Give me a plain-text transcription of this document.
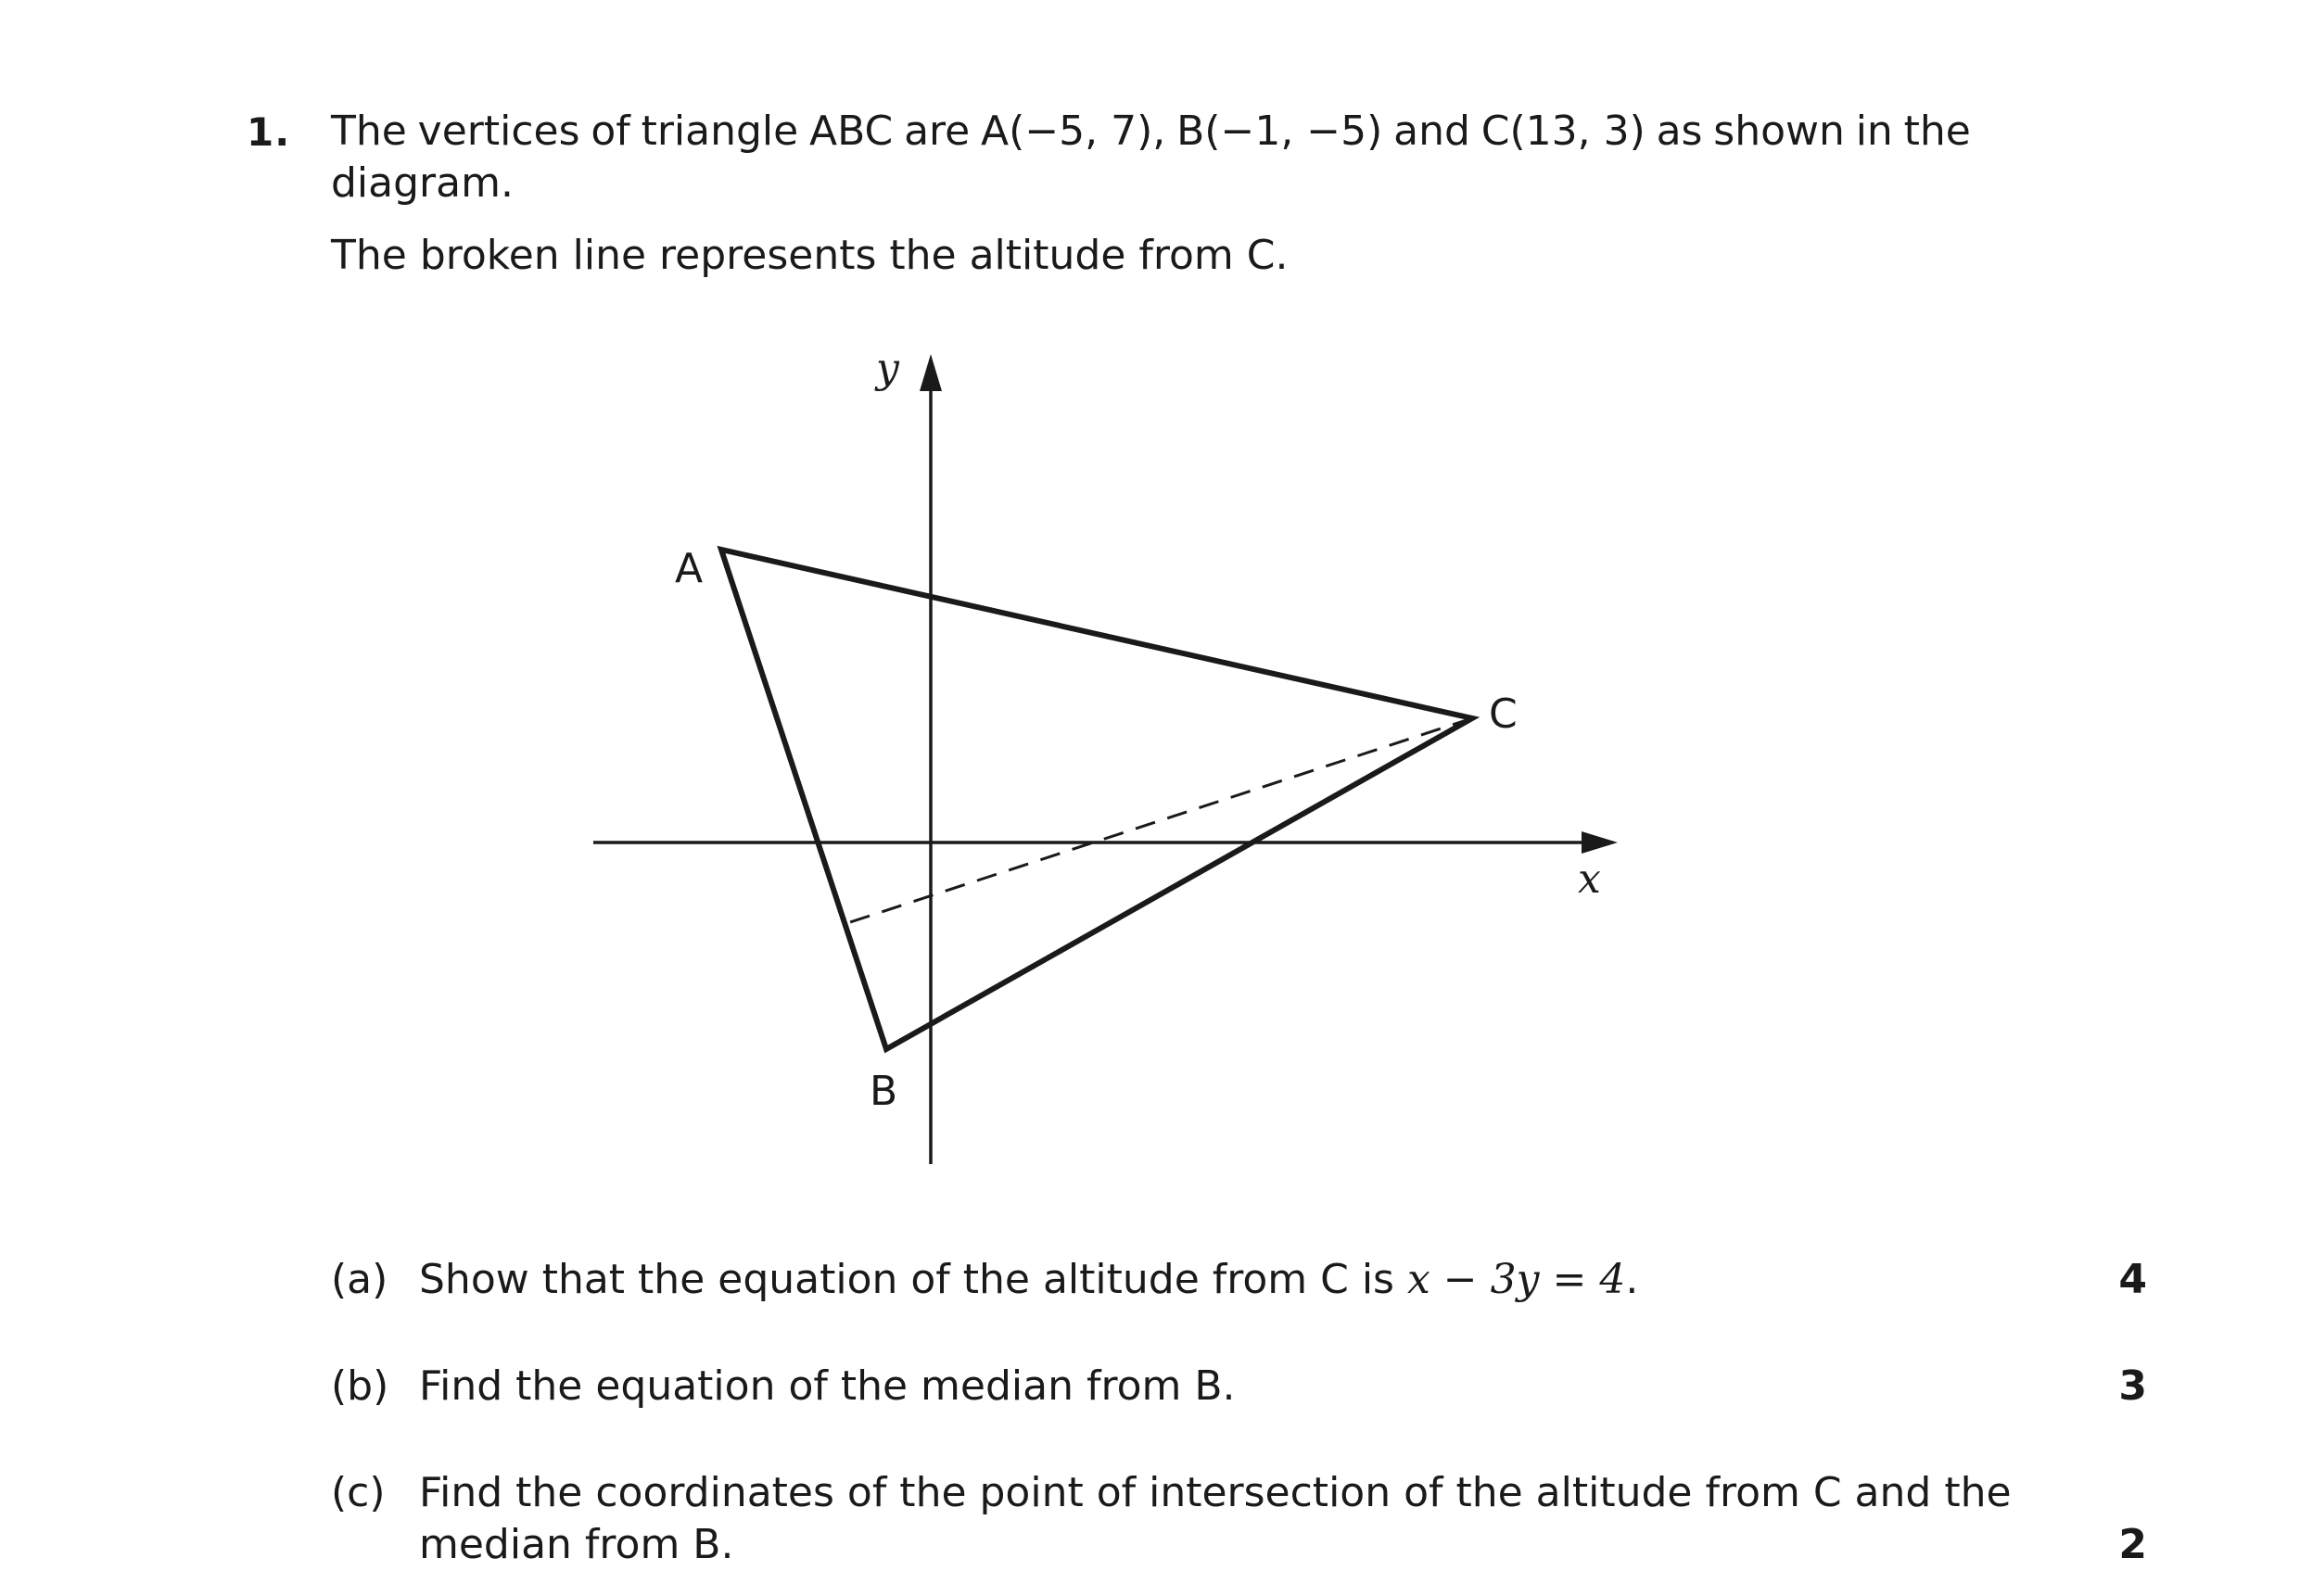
1. The vertices of triangle ABC are A(−5, 7), B(−1, −5) and C(13, 3) as shown in the
diagram.
The broken line represents the altitude from C.
A
B
C
x
y
(a) Show that the equation of the altitude from C is x − 3y = 4.	4
(b) Find the equation of the median from B.	3
(c) Find the coordinates of the point of intersection of the altitude from C and the
median from B.	2
